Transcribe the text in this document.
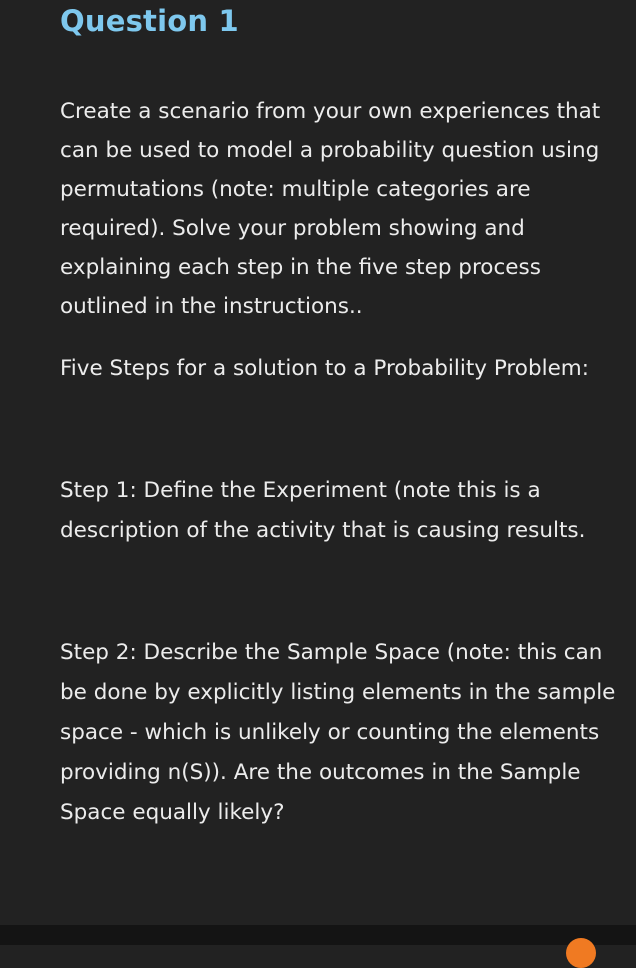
Question 1

Create a scenario from your own experiences that can be used to model a probability question using permutations (note: multiple categories are required). Solve your problem showing and explaining each step in the five step process outlined in the instructions..

Five Steps for a solution to a Probability Problem:

Step 1: Define the Experiment (note this is a description of the activity that is causing results.

Step 2: Describe the Sample Space (note: this can be done by explicitly listing elements in the sample space - which is unlikely or counting the elements providing n(S)). Are the outcomes in the Sample Space equally likely?
